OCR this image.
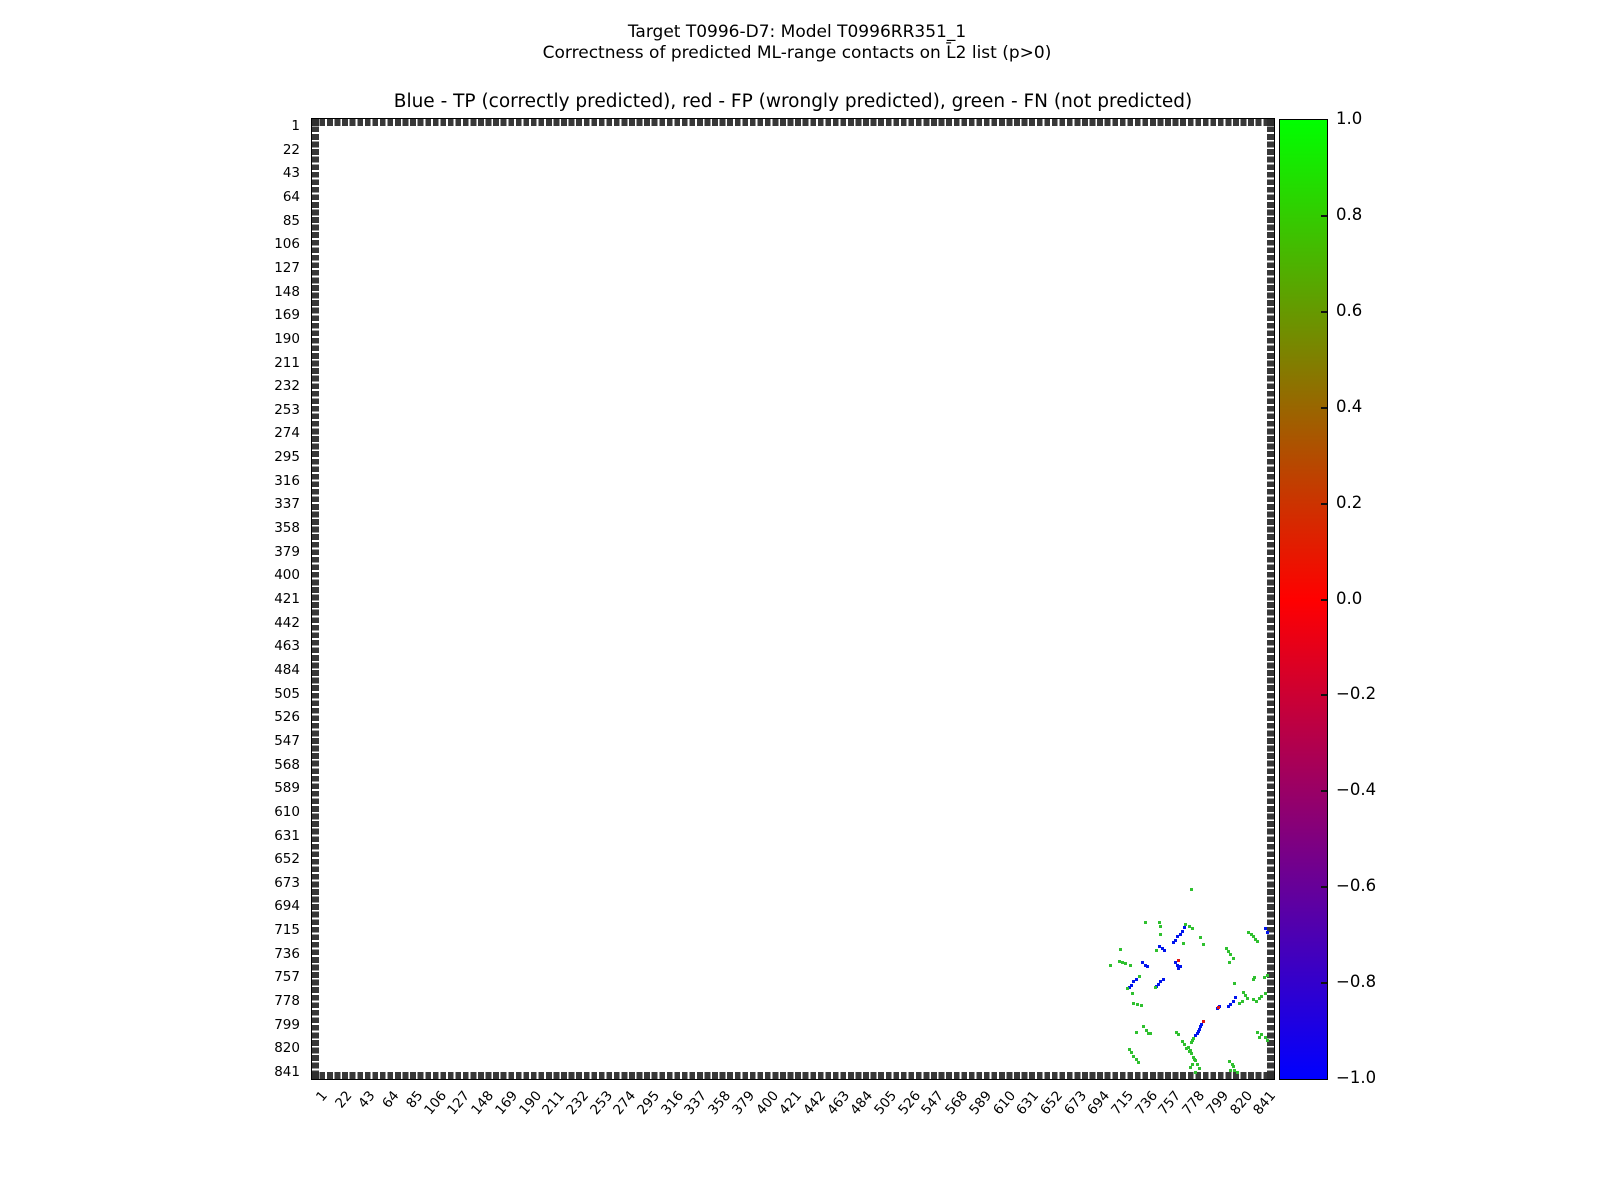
Target T0996-D7: Model T0996RR351_1
Correctness of predicted ML-range contacts on L̄2 list (p>0)
Blue - TP (correctly predicted), red - FP (wrongly predicted), green - FN (not predicted)
1
22
43
64
85
106
127
148
169
190
211
232
253
274
295
316
337
358
379
400
421
442
463
484
505
526
547
568
589
610
631
652
673
694
715
736
757
778
799
820
841
1 22 43 64 85
106
127
148
169
190
211
232
253
274
295
316
337
358
379
400
421
442
463
484
505
526
547
568
589
610
631
652
673
694
715
736
757
778
799
820
841
1.0
0.8
0.6
0.4
0.2
0.0
−0.2
−0.4
−0.6
−0.8
−1.0
